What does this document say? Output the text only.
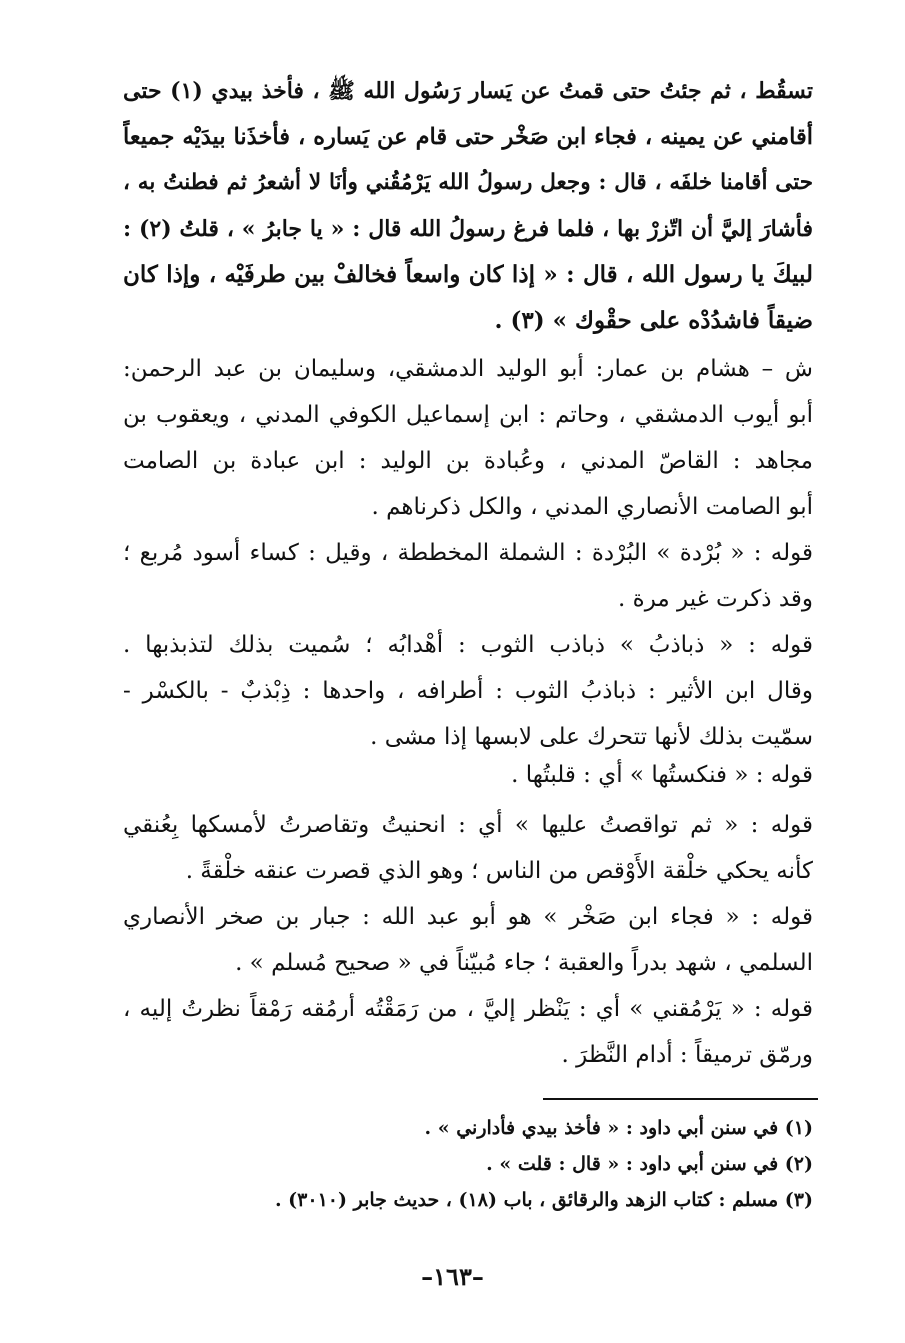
تسقُط ، ثم جئتُ حتى قمتُ عن يَسار رَسُول الله ﷺ ، فأخذ بيدي (١) حتى
أقامني عن يمينه ، فجاء ابن صَخْر حتى قام عن يَساره ، فأخذَنا بيدَيْه جميعاً
حتى أقامنا خلفَه ، قال : وجعل رسولُ الله يَرْمُقُني وأنَا لا أشعرُ ثم فطنتُ به ،
فأشارَ إليَّ أن اتّزرْ بها ، فلما فرغ رسولُ الله قال : « يا جابرُ » ، قلتُ (٢) :
لبيكَ يا رسول الله ، قال : « إذا كان واسعاً فخالفْ بين طرفَيْه ، وإذا كان
ضيقاً فاشدُدْه على حقْوك » (٣) .
ش – هشام بن عمار: أبو الوليد الدمشقي، وسليمان بن عبد الرحمن:
أبو أيوب الدمشقي ، وحاتم : ابن إسماعيل الكوفي المدني ، ويعقوب بن
مجاهد : القاصّ المدني ، وعُبادة بن الوليد : ابن عبادة بن الصامت
أبو الصامت الأنصاري المدني ، والكل ذكرناهم .
قوله : « بُرْدة » البُرْدة : الشملة المخططة ، وقيل : كساء أسود مُربع ؛
وقد ذكرت غير مرة .
قوله : « ذباذبُ » ذباذب الثوب : أهْدابُه ؛ سُميت بذلك لتذبذبها .
وقال ابن الأثير : ذباذبُ الثوب : أطرافه ، واحدها : ذِبْذبٌ - بالكسْر -
سمّيت بذلك لأنها تتحرك على لابسها إذا مشى .
قوله : « فنكستُها » أي : قلبتُها .
قوله : « ثم تواقصتُ عليها » أي : انحنيتُ وتقاصرتُ لأمسكها بِعُنقي
كأنه يحكي خلْقة الأَوْقص من الناس ؛ وهو الذي قصرت عنقه خلْقةً .
قوله : « فجاء ابن صَخْر » هو أبو عبد الله : جبار بن صخر الأنصاري
السلمي ، شهد بدراً والعقبة ؛ جاء مُبيّناً في « صحيح مُسلم » .
قوله : « يَرْمُقني » أي : يَنْظر إليَّ ، من رَمَقْتُه أرمُقه رَمْقاً نظرتُ إليه ،
ورمّق ترميقاً : أدام النَّظرَ .
(١) في سنن أبي داود : « فأخذ بيدي فأدارني » .
(٢) في سنن أبي داود : « قال : قلت » .
(٣) مسلم : كتاب الزهد والرقائق ، باب (١٨) ، حديث جابر (٣٠١٠) .
–١٦٣–
